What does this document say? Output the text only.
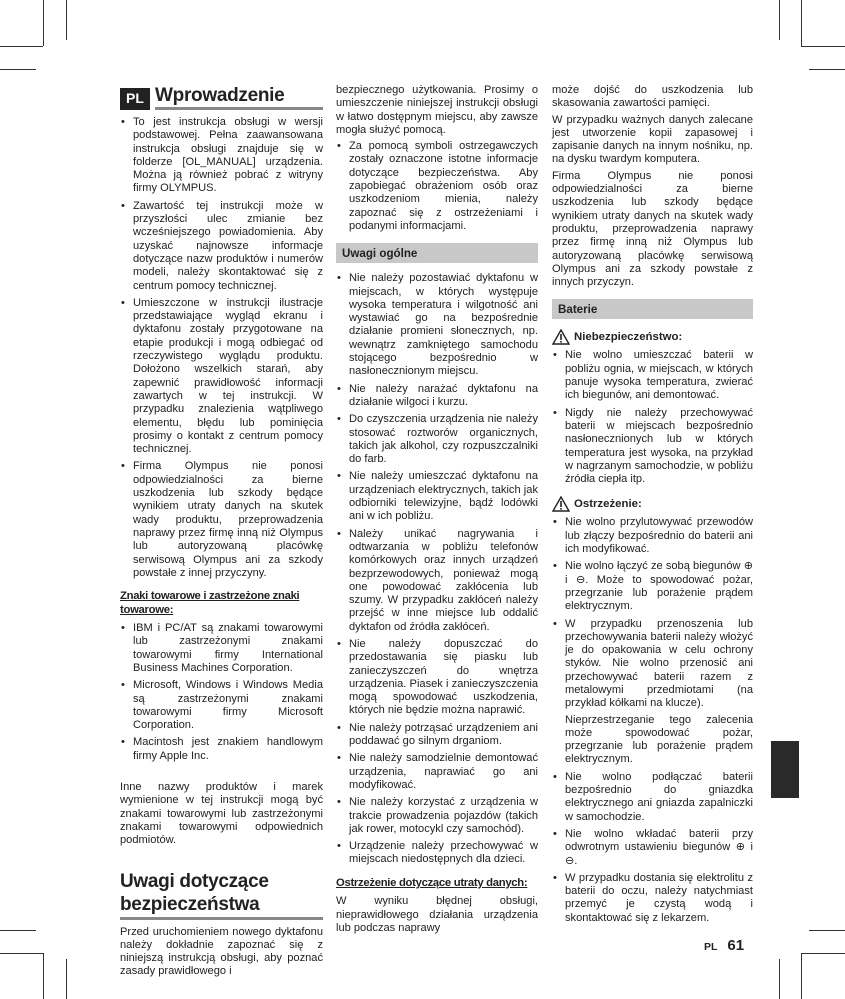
PL Wprowadzenie
• To jest instrukcja obsługi w wersji podstawowej. Pełna zaawansowana instrukcja obsługi znajduje się w folderze [OL_MANUAL] urządzenia. Można ją również pobrać z witryny firmy OLYMPUS.
• Zawartość tej instrukcji może w przyszłości ulec zmianie bez wcześniejszego powiadomienia. Aby uzyskać najnowsze informacje dotyczące nazw produktów i numerów modeli, należy skontaktować się z centrum pomocy technicznej.
• Umieszczone w instrukcji ilustracje przedstawiające wygląd ekranu i dyktafonu zostały przygotowane na etapie produkcji i mogą odbiegać od rzeczywistego wyglądu produktu. Dołożono wszelkich starań, aby zapewnić prawidłowość informacji zawartych w tej instrukcji. W przypadku znalezienia wątpliwego elementu, błędu lub pominięcia prosimy o kontakt z centrum pomocy technicznej.
• Firma Olympus nie ponosi odpowiedzialności za bierne uszkodzenia lub szkody będące wynikiem utraty danych na skutek wady produktu, przeprowadzenia naprawy przez firmę inną niż Olympus lub autoryzowaną placówkę serwisową Olympus ani za szkody powstałe z innej przyczyny.
Znaki towarowe i zastrzeżone znaki towarowe:
• IBM i PC/AT są znakami towarowymi lub zastrzeżonymi znakami towarowymi firmy International Business Machines Corporation.
• Microsoft, Windows i Windows Media są zastrzeżonymi znakami towarowymi firmy Microsoft Corporation.
• Macintosh jest znakiem handlowym firmy Apple Inc.

Inne nazwy produktów i marek wymienione w tej instrukcji mogą być znakami towarowymi lub zastrzeżonymi znakami towarowymi odpowiednich podmiotów.

Uwagi dotyczące
bezpieczeństwa

Przed uruchomieniem nowego dyktafonu należy dokładnie zapoznać się z niniejszą instrukcją obsługi, aby poznać zasady prawidłowego i

bezpiecznego użytkowania. Prosimy o umieszczenie niniejszej instrukcji obsługi w łatwo dostępnym miejscu, aby zawsze mogła służyć pomocą.

• Za pomocą symboli ostrzegawczych zostały oznaczone istotne informacje dotyczące bezpieczeństwa. Aby zapobiegać obrażeniom osób oraz uszkodzeniom mienia, należy zapoznać się z ostrzeżeniami i podanymi informacjami.
Uwagi ogólne
• Nie należy pozostawiać dyktafonu w miejscach, w których występuje wysoka temperatura i wilgotność ani wystawiać go na bezpośrednie działanie promieni słonecznych, np. wewnątrz zamkniętego samochodu stojącego bezpośrednio w nasłonecznionym miejscu.
• Nie należy narażać dyktafonu na działanie wilgoci i kurzu.
• Do czyszczenia urządzenia nie należy stosować roztworów organicznych, takich jak alkohol, czy rozpuszczalniki do farb.
• Nie należy umieszczać dyktafonu na urządzeniach elektrycznych, takich jak odbiorniki telewizyjne, bądź lodówki ani w ich pobliżu.
• Należy unikać nagrywania i odtwarzania w pobliżu telefonów komórkowych oraz innych urządzeń bezprzewodowych, ponieważ mogą one powodować zakłócenia lub szumy. W przypadku zakłóceń należy przejść w inne miejsce lub oddalić dyktafon od źródła zakłóceń.
• Nie należy dopuszczać do przedostawania się piasku lub zanieczyszczeń do wnętrza urządzenia. Piasek i zanieczyszczenia mogą spowodować uszkodzenia, których nie będzie można naprawić.
• Nie należy potrząsać urządzeniem ani poddawać go silnym drganiom.
• Nie należy samodzielnie demontować urządzenia, naprawiać go ani modyfikować.
• Nie należy korzystać z urządzenia w trakcie prowadzenia pojazdów (takich jak rower, motocykl czy samochód).
• Urządzenie należy przechowywać w miejscach niedostępnych dla dzieci.
Ostrzeżenie dotyczące utraty danych:

W wyniku błędnej obsługi, nieprawidłowego działania urządzenia lub podczas naprawy

może dojść do uszkodzenia lub skasowania zawartości pamięci.

W przypadku ważnych danych zalecane jest utworzenie kopii zapasowej i zapisanie danych na innym nośniku, np. na dysku twardym komputera.

Firma Olympus nie ponosi odpowiedzialności za bierne uszkodzenia lub szkody będące wynikiem utraty danych na skutek wady produktu, przeprowadzenia naprawy przez firmę inną niż Olympus lub autoryzowaną placówkę serwisową Olympus ani za szkody powstałe z innych przyczyn.

Baterie
Niebezpieczeństwo:
• Nie wolno umieszczać baterii w pobliżu ognia, w miejscach, w których panuje wysoka temperatura, zwierać ich biegunów, ani demontować.
• Nigdy nie należy przechowywać baterii w miejscach bezpośrednio nasłonecznionych lub w których temperatura jest wysoka, na przykład w nagrzanym samochodzie, w pobliżu źródła ciepła itp.
Ostrzeżenie:
• Nie wolno przylutowywać przewodów lub złączy bezpośrednio do baterii ani ich modyfikować.
• Nie wolno łączyć ze sobą biegunów ⊕ i ⊖. Może to spowodować pożar, przegrzanie lub porażenie prądem elektrycznym.
• W przypadku przenoszenia lub przechowywania baterii należy włożyć je do opakowania w celu ochrony styków. Nie wolno przenosić ani przechowywać baterii razem z metalowymi przedmiotami (na przykład kółkami na klucze).
Nieprzestrzeganie tego zalecenia może spowodować pożar, przegrzanie lub porażenie prądem elektrycznym.
• Nie wolno podłączać baterii bezpośrednio do gniazdka elektrycznego ani gniazda zapalniczki w samochodzie.
• Nie wolno wkładać baterii przy odwrotnym ustawieniu biegunów ⊕ i ⊖.
• W przypadku dostania się elektrolitu z baterii do oczu, należy natychmiast przemyć je czystą wodą i skontaktować się z lekarzem.
PL 61
